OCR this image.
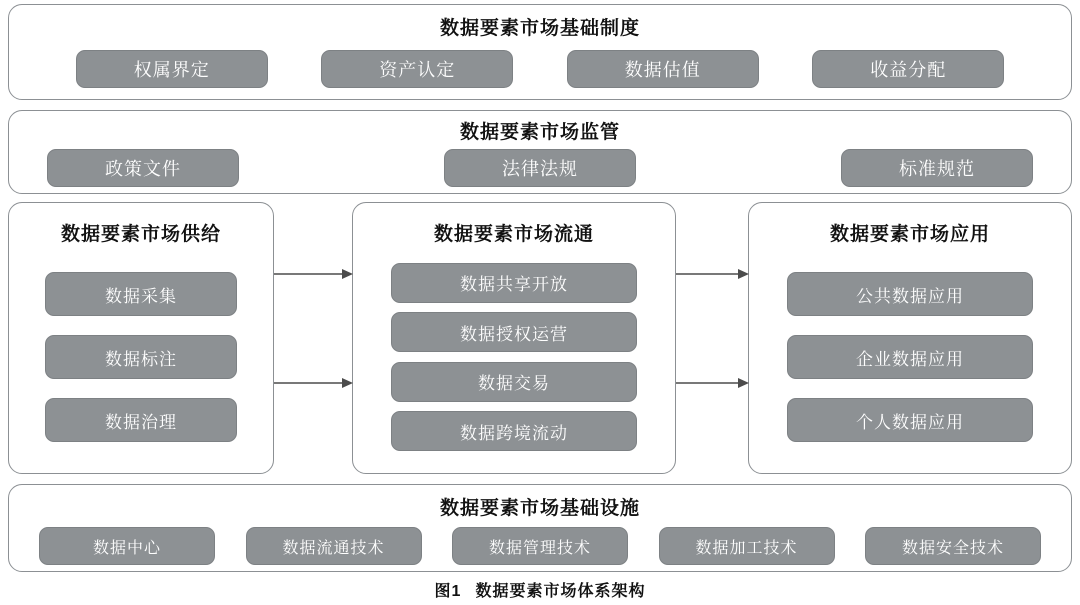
数据要素市场基础制度
权属界定	资产认定	数据估值	收益分配
数据要素市场监管
政策文件	法律法规	标准规范
数据要素市场供给
数据采集
数据标注
数据治理
数据要素市场流通
数据共享开放
数据授权运营
数据交易
数据跨境流动
数据要素市场应用
公共数据应用
企业数据应用
个人数据应用
数据要素市场基础设施
数据中心	数据流通技术	数据管理技术	数据加工技术	数据安全技术
图1 数据要素市场体系架构
